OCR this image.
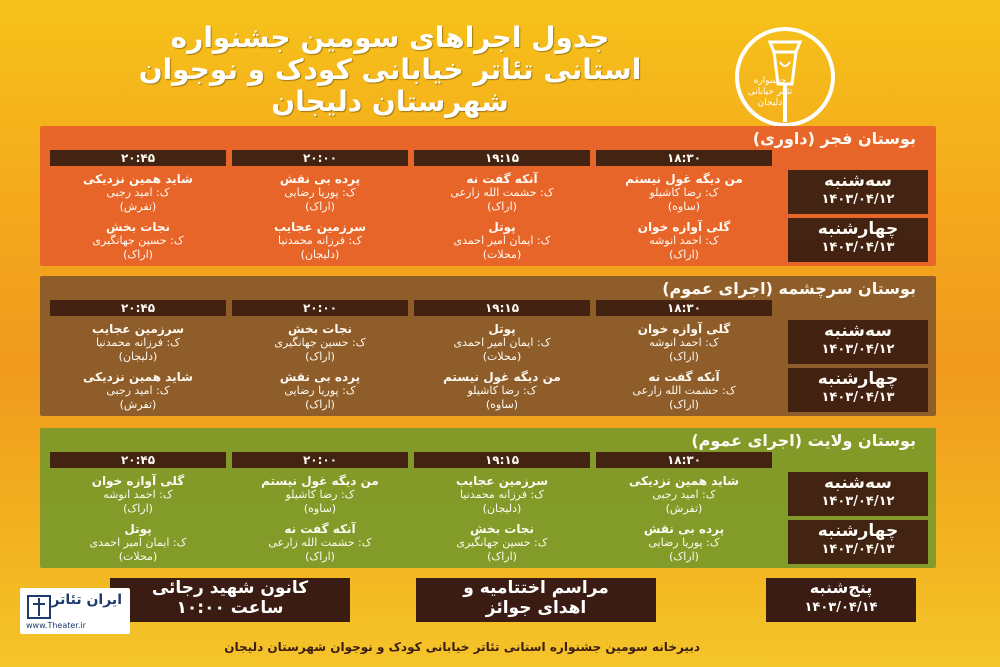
جدول اجراهای سومین جشنواره
استانی تئاتر خیابانی کودک و نوجوان
شهرستان دلیجان
جشنواره
تئاتر خیابانی
دلیجان
بوستان فجر (داوری)
۲۰:۴۵	۲۰:۰۰	۱۹:۱۵	۱۸:۳۰
سه‌شنبه
۱۴۰۳/۰۴/۱۲
شاید همین نزدیکی
ک: امید رجبی
(تفرش)
پرده بی نقش
ک: پوریا رضایی
(اراک)
آنکه گفت نه
ک: حشمت الله زارعی
(اراک)
من دیگه غول نیستم
ک: رضا کاشیلو
(ساوه)
چهارشنبه
۱۴۰۳/۰۴/۱۳
نجات بخش
ک: حسین جهانگیری
(اراک)
سرزمین عجایب
ک: فرزانه محمدنیا
(دلیجان)
پوتل
ک: ایمان امیر احمدی
(محلات)
گلی آوازه خوان
ک: احمد انوشه
(اراک)
بوستان سرچشمه (اجرای عموم)
۲۰:۴۵	۲۰:۰۰	۱۹:۱۵	۱۸:۳۰
سه‌شنبه
۱۴۰۳/۰۴/۱۲
سرزمین عجایب
ک: فرزانه محمدنیا
(دلیجان)
نجات بخش
ک: حسین جهانگیری
(اراک)
پوتل
ک: ایمان امیر احمدی
(محلات)
گلی آوازه خوان
ک: احمد انوشه
(اراک)
چهارشنبه
۱۴۰۳/۰۴/۱۳
شاید همین نزدیکی
ک: امید رجبی
(تفرش)
پرده بی نقش
ک: پوریا رضایی
(اراک)
من دیگه غول نیستم
ک: رضا کاشیلو
(ساوه)
آنکه گفت نه
ک: حشمت الله زارعی
(اراک)
بوستان ولایت (اجرای عموم)
۲۰:۴۵	۲۰:۰۰	۱۹:۱۵	۱۸:۳۰
سه‌شنبه
۱۴۰۳/۰۴/۱۲
گلی آوازه خوان
ک: احمد انوشه
(اراک)
من دیگه غول نیستم
ک: رضا کاشیلو
(ساوه)
سرزمین عجایب
ک: فرزانه محمدنیا
(دلیجان)
شاید همین نزدیکی
ک: امید رجبی
(تفرش)
چهارشنبه
۱۴۰۳/۰۴/۱۳
پوتل
ک: ایمان امیر احمدی
(محلات)
آنکه گفت نه
ک: حشمت الله زارعی
(اراک)
نجات بخش
ک: حسین جهانگیری
(اراک)
پرده بی نقش
ک: پوریا رضایی
(اراک)
پنج‌شنبه
۱۴۰۳/۰۴/۱۴
مراسم اختتامیه و
اهدای جوائز
کانون شهید رجائی
ساعت ۱۰:۰۰
ایران تئاتر
www.Theater.ir
دبیرخانه سومین جشنواره استانی تئاتر خیابانی کودک و نوجوان شهرستان دلیجان
